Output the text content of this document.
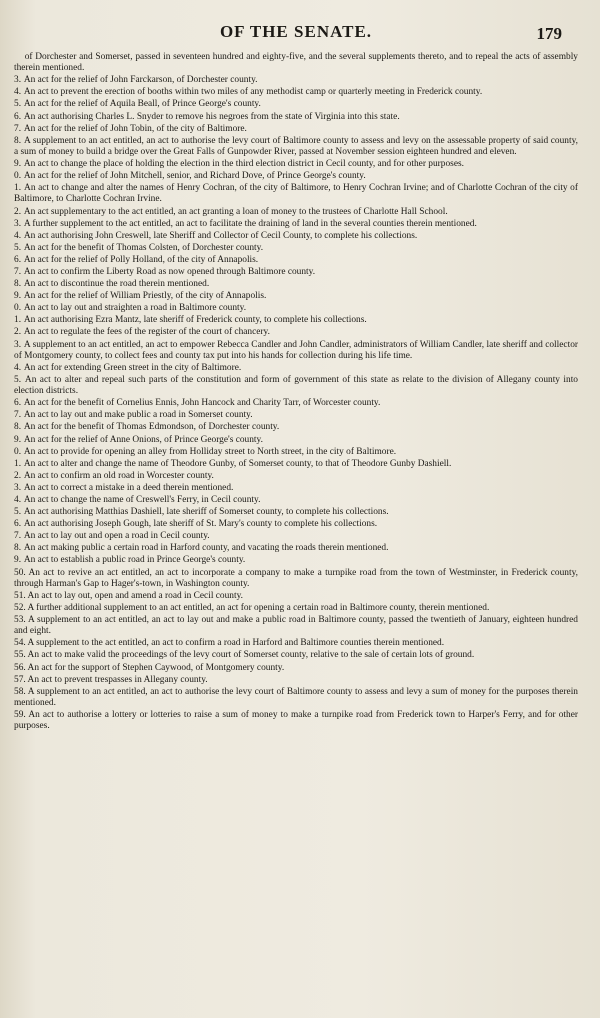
OF THE SENATE.	179

of Dorchester and Somerset, passed in seventeen hundred and eighty-five, and the several supplements thereto, and to repeal the acts of assembly therein mentioned.

3. An act for the relief of John Farckarson, of Dorchester county.

4. An act to prevent the erection of booths within two miles of any methodist camp or quarterly meeting in Frederick county.

5. An act for the relief of Aquila Beall, of Prince George's county.

6. An act authorising Charles L. Snyder to remove his negroes from the state of Virginia into this state.

7. An act for the relief of John Tobin, of the city of Baltimore.

8. A supplement to an act entitled, an act to authorise the levy court of Baltimore county to assess and levy on the assessable property of said county, a sum of money to build a bridge over the Great Falls of Gunpowder River, passed at November session eighteen hundred and eleven.

9. An act to change the place of holding the election in the third election district in Cecil county, and for other purposes.

0. An act for the relief of John Mitchell, senior, and Richard Dove, of Prince George's county.

1. An act to change and alter the names of Henry Cochran, of the city of Baltimore, to Henry Cochran Irvine; and of Charlotte Cochran of the city of Baltimore, to Charlotte Cochran Irvine.

2. An act supplementary to the act entitled, an act granting a loan of money to the trustees of Charlotte Hall School.

3. A further supplement to the act entitled, an act to facilitate the draining of land in the several counties therein mentioned.

4. An act authorising John Creswell, late Sheriff and Collector of Cecil County, to complete his collections.

5. An act for the benefit of Thomas Colsten, of Dorchester county.

6. An act for the relief of Polly Holland, of the city of Annapolis.

7. An act to confirm the Liberty Road as now opened through Baltimore county.

8. An act to discontinue the road therein mentioned.

9. An act for the relief of William Priestly, of the city of Annapolis.

0. An act to lay out and straighten a road in Baltimore county.

1. An act authorising Ezra Mantz, late sheriff of Frederick county, to complete his collections.

2. An act to regulate the fees of the register of the court of chancery.

3. A supplement to an act entitled, an act to empower Rebecca Candler and John Candler, administrators of William Candler, late sheriff and collector of Montgomery county, to collect fees and county tax put into his hands for collection during his life time.

4. An act for extending Green street in the city of Baltimore.

5. An act to alter and repeal such parts of the constitution and form of government of this state as relate to the division of Allegany county into election districts.

6. An act for the benefit of Cornelius Ennis, John Hancock and Charity Tarr, of Worcester county.

7. An act to lay out and make public a road in Somerset county.

8. An act for the benefit of Thomas Edmondson, of Dorchester county.

9. An act for the relief of Anne Onions, of Prince George's county.

0. An act to provide for opening an alley from Holliday street to North street, in the city of Baltimore.

1. An act to alter and change the name of Theodore Gunby, of Somerset county, to that of Theodore Gunby Dashiell.

2. An act to confirm an old road in Worcester county.

3. An act to correct a mistake in a deed therein mentioned.

4. An act to change the name of Creswell's Ferry, in Cecil county.

5. An act authorising Matthias Dashiell, late sheriff of Somerset county, to complete his collections.

6. An act authorising Joseph Gough, late sheriff of St. Mary's county to complete his collections.

7. An act to lay out and open a road in Cecil county.

8. An act making public a certain road in Harford county, and vacating the roads therein mentioned.

9. An act to establish a public road in Prince George's county.

50. An act to revive an act entitled, an act to incorporate a company to make a turnpike road from the town of Westminster, in Frederick county, through Harman's Gap to Hager's-town, in Washington county.

51. An act to lay out, open and amend a road in Cecil county.

52. A further additional supplement to an act entitled, an act for opening a certain road in Baltimore county, therein mentioned.

53. A supplement to an act entitled, an act to lay out and make a public road in Baltimore county, passed the twentieth of January, eighteen hundred and eight.

54. A supplement to the act entitled, an act to confirm a road in Harford and Baltimore counties therein mentioned.

55. An act to make valid the proceedings of the levy court of Somerset county, relative to the sale of certain lots of ground.

56. An act for the support of Stephen Caywood, of Montgomery county.

57. An act to prevent trespasses in Allegany county.

58. A supplement to an act entitled, an act to authorise the levy court of Baltimore county to assess and levy a sum of money for the purposes therein mentioned.

59. An act to authorise a lottery or lotteries to raise a sum of money to make a turnpike road from Frederick town to Harper's Ferry, and for other purposes.
